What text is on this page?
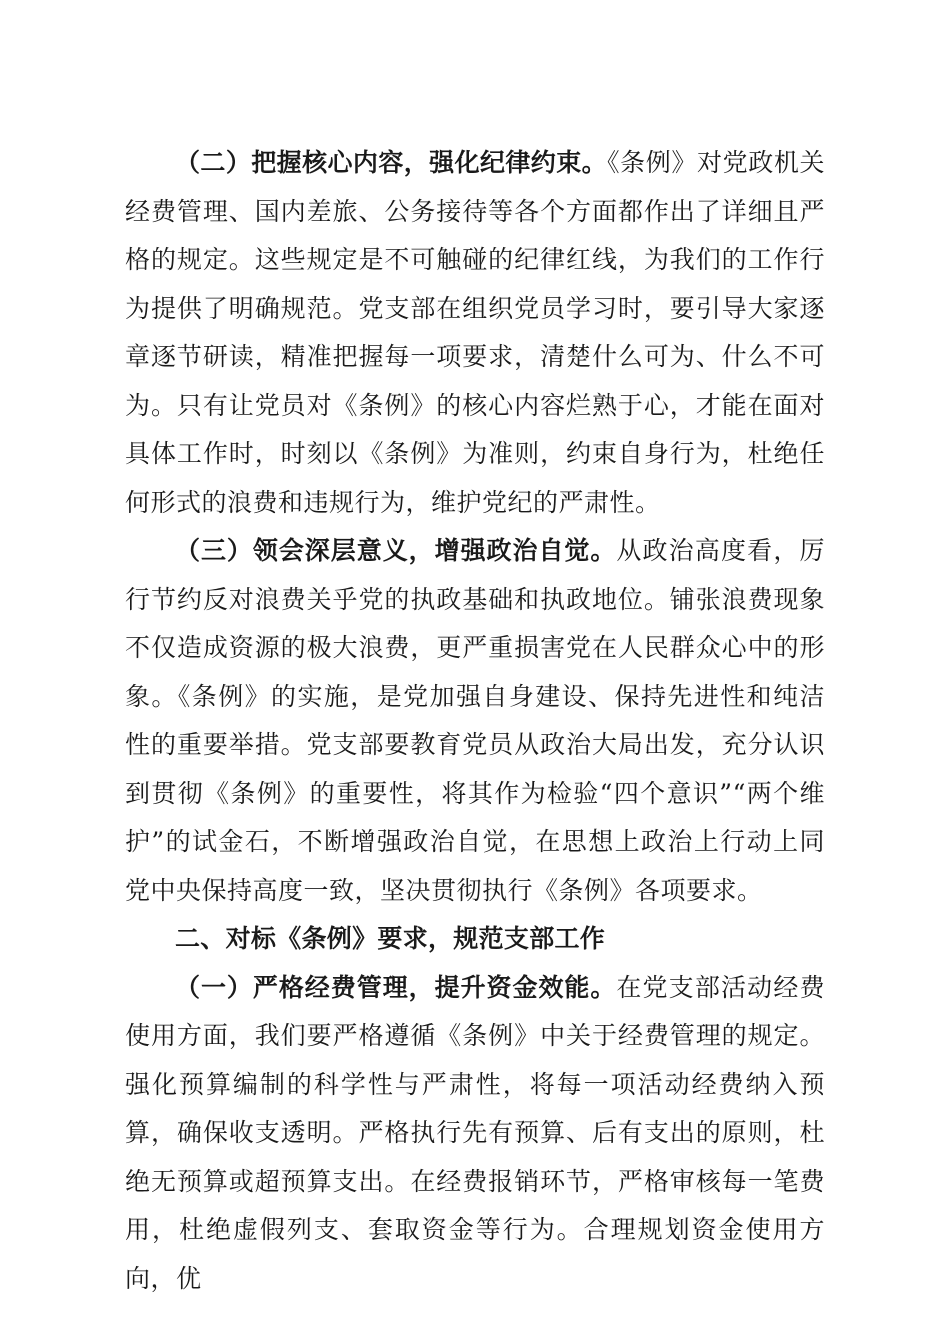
（二）把握核心内容，强化纪律约束。《条例》对党政机关经费管理、国内差旅、公务接待等各个方面都作出了详细且严格的规定。这些规定是不可触碰的纪律红线，为我们的工作行为提供了明确规范。党支部在组织党员学习时，要引导大家逐章逐节研读，精准把握每一项要求，清楚什么可为、什么不可为。只有让党员对《条例》的核心内容烂熟于心，才能在面对具体工作时，时刻以《条例》为准则，约束自身行为，杜绝任何形式的浪费和违规行为，维护党纪的严肃性。

（三）领会深层意义，增强政治自觉。从政治高度看，厉行节约反对浪费关乎党的执政基础和执政地位。铺张浪费现象不仅造成资源的极大浪费，更严重损害党在人民群众心中的形象。《条例》的实施，是党加强自身建设、保持先进性和纯洁性的重要举措。党支部要教育党员从政治大局出发，充分认识到贯彻《条例》的重要性，将其作为检验“四个意识”“两个维护”的试金石，不断增强政治自觉，在思想上政治上行动上同党中央保持高度一致，坚决贯彻执行《条例》各项要求。

二、对标《条例》要求，规范支部工作

（一）严格经费管理，提升资金效能。在党支部活动经费使用方面，我们要严格遵循《条例》中关于经费管理的规定。强化预算编制的科学性与严肃性，将每一项活动经费纳入预算，确保收支透明。严格执行先有预算、后有支出的原则，杜绝无预算或超预算支出。在经费报销环节，严格审核每一笔费用，杜绝虚假列支、套取资金等行为。合理规划资金使用方向，优
